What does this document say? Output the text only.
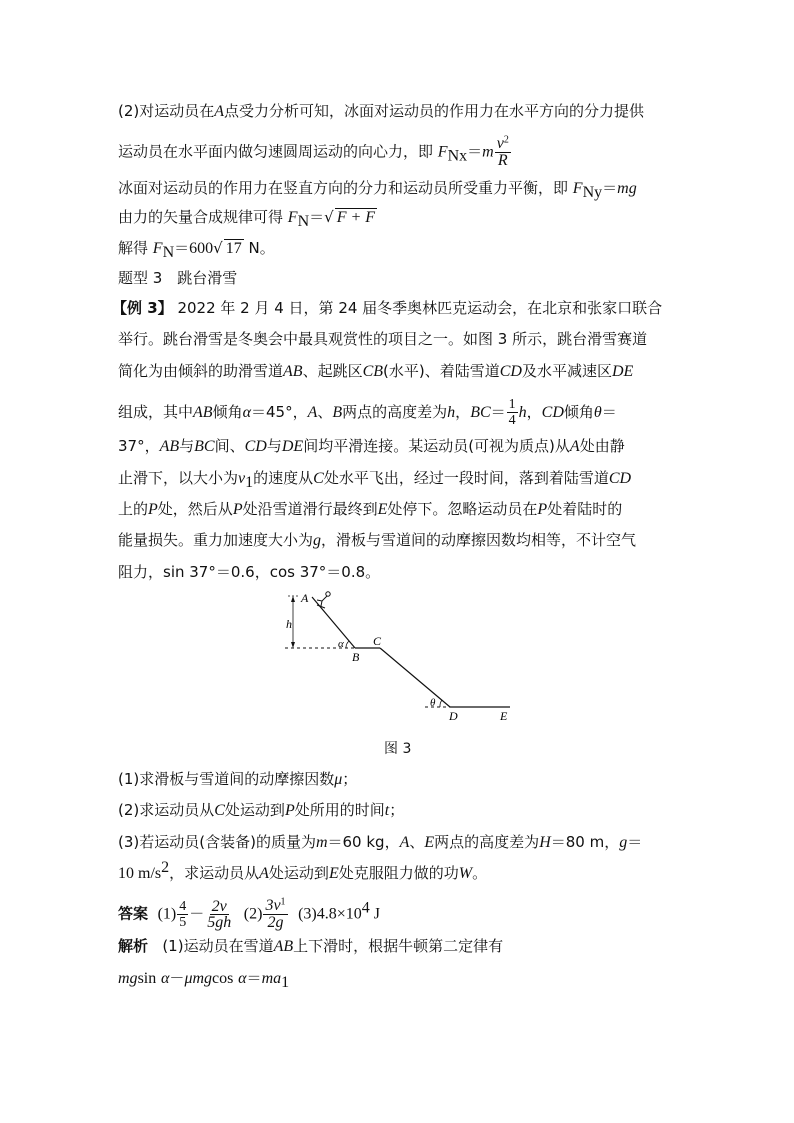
(2)对运动员在A点受力分析可知，冰面对运动员的作用力在水平方向的分力提供
运动员在水平面内做匀速圆周运动的向心力，即 $F_{Nx}=m \frac{v^2}{R}$
冰面对运动员的作用力在竖直方向的分力和运动员所受重力平衡，即 $F_{Ny}=mg$
由力的矢量合成规律可得 $F_N=√$ F + F
解得 $F_N=600√$ 17 N。
题型 3　跳台滑雪
【例 3】 2022 年 2 月 4 日，第 24 届冬季奥林匹克运动会，在北京和张家口联合
举行。跳台滑雪是冬奥会中最具观赏性的项目之一。如图 3 所示，跳台滑雪赛道
简化为由倾斜的助滑雪道AB、起跳区CB(水平)、着陆雪道CD及水平减速区DE
组成，其中AB倾角α＝45°，A、B两点的高度差为h，$BC= \frac{1}{4}$ h，CD倾角θ＝
37°，AB与BC间、CD与DE间均平滑连接。某运动员(可视为质点)从A处由静
止滑下，以大小为$v_1$的速度从C处水平飞出，经过一段时间，落到着陆雪道CD
上的P处，然后从P处沿雪道滑行最终到E处停下。忽略运动员在P处着陆时的
能量损失。重力加速度大小为g，滑板与雪道间的动摩擦因数均相等，不计空气
阻力，sin 37°＝0.6，cos 37°＝0.8。
A
h
α C
B
θ
D	E
图 3
(1)求滑板与雪道间的动摩擦因数μ；
(2)求运动员从C处运动到P处所用的时间t；
(3)若运动员(含装备)的质量为m＝60 kg，A、E两点的高度差为H＝80 m，g＝
10 $m/s^2$，求运动员从A处运动到E处克服阻力做的功W。
答案 $(1) \frac{4}{5} - \frac{2v}{5gh} (2) \frac{3v^1}{2g} (3)4.8\times 10^4$ J
解析 (1)运动员在雪道AB上下滑时，根据牛顿第二定律有
mgsin α－μmgcos $\alpha=ma_1$
